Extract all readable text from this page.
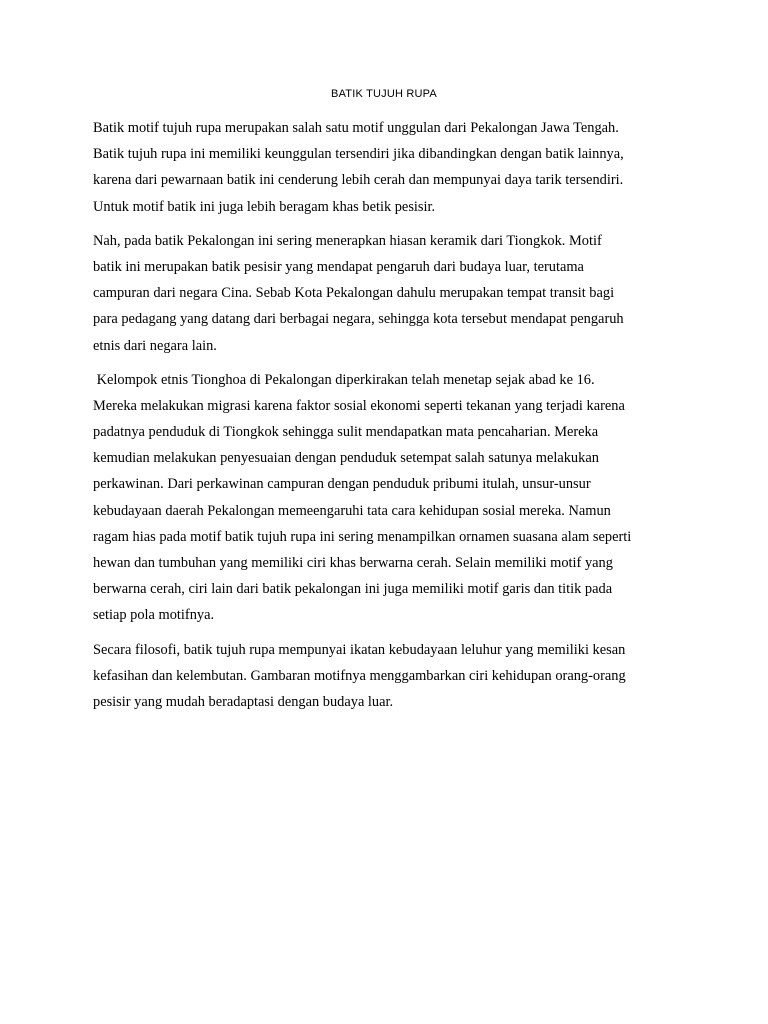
BATIK TUJUH RUPA

Batik motif tujuh rupa merupakan salah satu motif unggulan dari Pekalongan Jawa Tengah.
Batik tujuh rupa ini memiliki keunggulan tersendiri jika dibandingkan dengan batik lainnya,
karena dari pewarnaan batik ini cenderung lebih cerah dan mempunyai daya tarik tersendiri.
Untuk motif batik ini juga lebih beragam khas betik pesisir.

Nah, pada batik Pekalongan ini sering menerapkan hiasan keramik dari Tiongkok. Motif
batik ini merupakan batik pesisir yang mendapat pengaruh dari budaya luar, terutama
campuran dari negara Cina. Sebab Kota Pekalongan dahulu merupakan tempat transit bagi
para pedagang yang datang dari berbagai negara, sehingga kota tersebut mendapat pengaruh
etnis dari negara lain.

Kelompok etnis Tionghoa di Pekalongan diperkirakan telah menetap sejak abad ke 16.
Mereka melakukan migrasi karena faktor sosial ekonomi seperti tekanan yang terjadi karena
padatnya penduduk di Tiongkok sehingga sulit mendapatkan mata pencaharian. Mereka
kemudian melakukan penyesuaian dengan penduduk setempat salah satunya melakukan
perkawinan. Dari perkawinan campuran dengan penduduk pribumi itulah, unsur-unsur
kebudayaan daerah Pekalongan memeengaruhi tata cara kehidupan sosial mereka. Namun
ragam hias pada motif batik tujuh rupa ini sering menampilkan ornamen suasana alam seperti
hewan dan tumbuhan yang memiliki ciri khas berwarna cerah. Selain memiliki motif yang
berwarna cerah, ciri lain dari batik pekalongan ini juga memiliki motif garis dan titik pada
setiap pola motifnya.

Secara filosofi, batik tujuh rupa mempunyai ikatan kebudayaan leluhur yang memiliki kesan
kefasihan dan kelembutan. Gambaran motifnya menggambarkan ciri kehidupan orang-orang
pesisir yang mudah beradaptasi dengan budaya luar.
